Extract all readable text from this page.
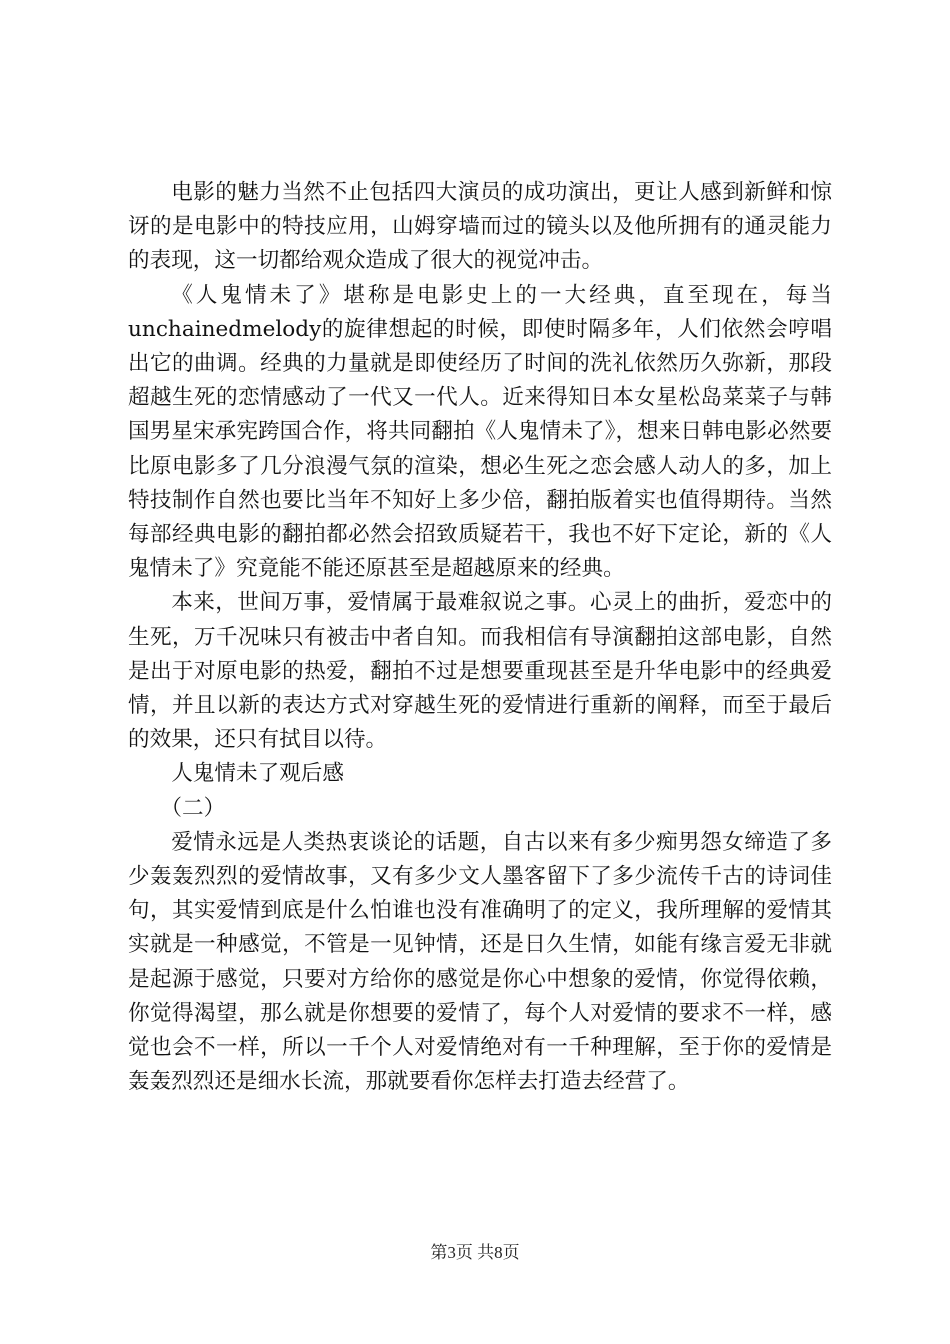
电影的魅力当然不止包括四大演员的成功演出，更让人感到新鲜和惊讶的是电影中的特技应用，山姆穿墙而过的镜头以及他所拥有的通灵能力的表现，这一切都给观众造成了很大的视觉冲击。

《人鬼情未了》堪称是电影史上的一大经典，直至现在，每当unchainedmelody的旋律想起的时候，即使时隔多年，人们依然会哼唱出它的曲调。经典的力量就是即使经历了时间的洗礼依然历久弥新，那段超越生死的恋情感动了一代又一代人。近来得知日本女星松岛菜菜子与韩国男星宋承宪跨国合作，将共同翻拍《人鬼情未了》，想来日韩电影必然要比原电影多了几分浪漫气氛的渲染，想必生死之恋会感人动人的多，加上特技制作自然也要比当年不知好上多少倍，翻拍版着实也值得期待。当然每部经典电影的翻拍都必然会招致质疑若干，我也不好下定论，新的《人鬼情未了》究竟能不能还原甚至是超越原来的经典。

本来，世间万事，爱情属于最难叙说之事。心灵上的曲折，爱恋中的生死，万千况味只有被击中者自知。而我相信有导演翻拍这部电影，自然是出于对原电影的热爱，翻拍不过是想要重现甚至是升华电影中的经典爱情，并且以新的表达方式对穿越生死的爱情进行重新的阐释，而至于最后的效果，还只有拭目以待。

人鬼情未了观后感

（二）

爱情永远是人类热衷谈论的话题，自古以来有多少痴男怨女缔造了多少轰轰烈烈的爱情故事，又有多少文人墨客留下了多少流传千古的诗词佳句，其实爱情到底是什么怕谁也没有准确明了的定义，我所理解的爱情其实就是一种感觉，不管是一见钟情，还是日久生情，如能有缘言爱无非就是起源于感觉，只要对方给你的感觉是你心中想象的爱情，你觉得依赖，你觉得渴望，那么就是你想要的爱情了，每个人对爱情的要求不一样，感觉也会不一样，所以一千个人对爱情绝对有一千种理解，至于你的爱情是轰轰烈烈还是细水长流，那就要看你怎样去打造去经营了。

第3页 共8页
